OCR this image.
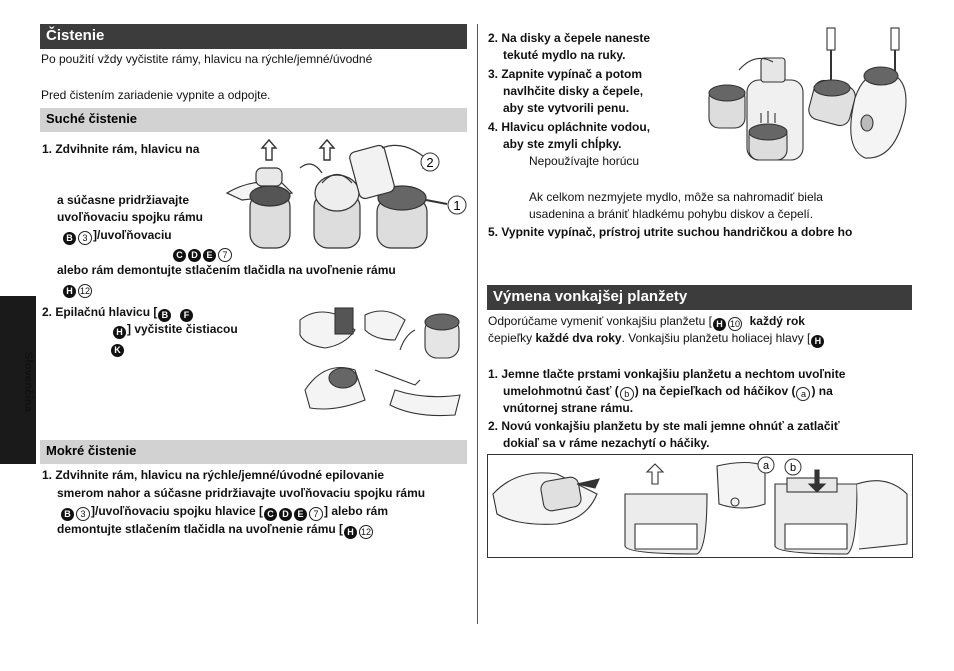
Slovenčina
Čistenie
Po použití vždy vyčistite rámy, hlavicu na rýchle/jemné/úvodné
Pred čistením zariadenie vypnite a odpojte.
Suché čistenie
1. Zdvihnite rám, hlavicu na
a súčasne pridržiavajte
uvoľňovaciu spojku rámu
B 3 ]/uvoľňovaciu
C D E 7
alebo rám demontujte stlačením tlačidla na uvoľnenie rámu
H 12
2. Epilačnú hlavicu [ B F
H ] vyčistite čistiacou
K
2
1
Mokré čistenie
1. Zdvihnite rám, hlavicu na rýchle/jemné/úvodné epilovanie
smerom nahor a súčasne pridržiavajte uvoľňovaciu spojku rámu
B 3 ]/uvoľňovaciu spojku hlavice [ C D E 7 ] alebo rám
demontujte stlačením tlačidla na uvoľnenie rámu [ H 12
2. Na disky a čepele naneste
tekuté mydlo na ruky.
3. Zapnite vypínač a potom
navlhčite disky a čepele,
aby ste vytvorili penu.
4. Hlavicu opláchnite vodou,
aby ste zmyli chĺpky.
Nepoužívajte horúcu
Ak celkom nezmyjete mydlo, môže sa nahromadiť biela
usadenina a brániť hladkému pohybu diskov a čepelí.
5. Vypnite vypínač, prístroj utrite suchou handričkou a dobre ho
Výmena vonkajšej planžety
Odporúčame vymeniť vonkajšiu planžetu [ H 10 každý rok
čepieľky každé dva roky. Vonkajšiu planžetu holiacej hlavy [ H
1. Jemne tlačte prstami vonkajšiu planžetu a nechtom uvoľnite
umelohmotnú časť ( b ) na čepieľkach od háčikov ( a ) na
vnútornej strane rámu.
2. Novú vonkajšiu planžetu by ste mali jemne ohnúť a zatlačiť
dokiaľ sa v ráme nezachytí o háčiky.
a b
